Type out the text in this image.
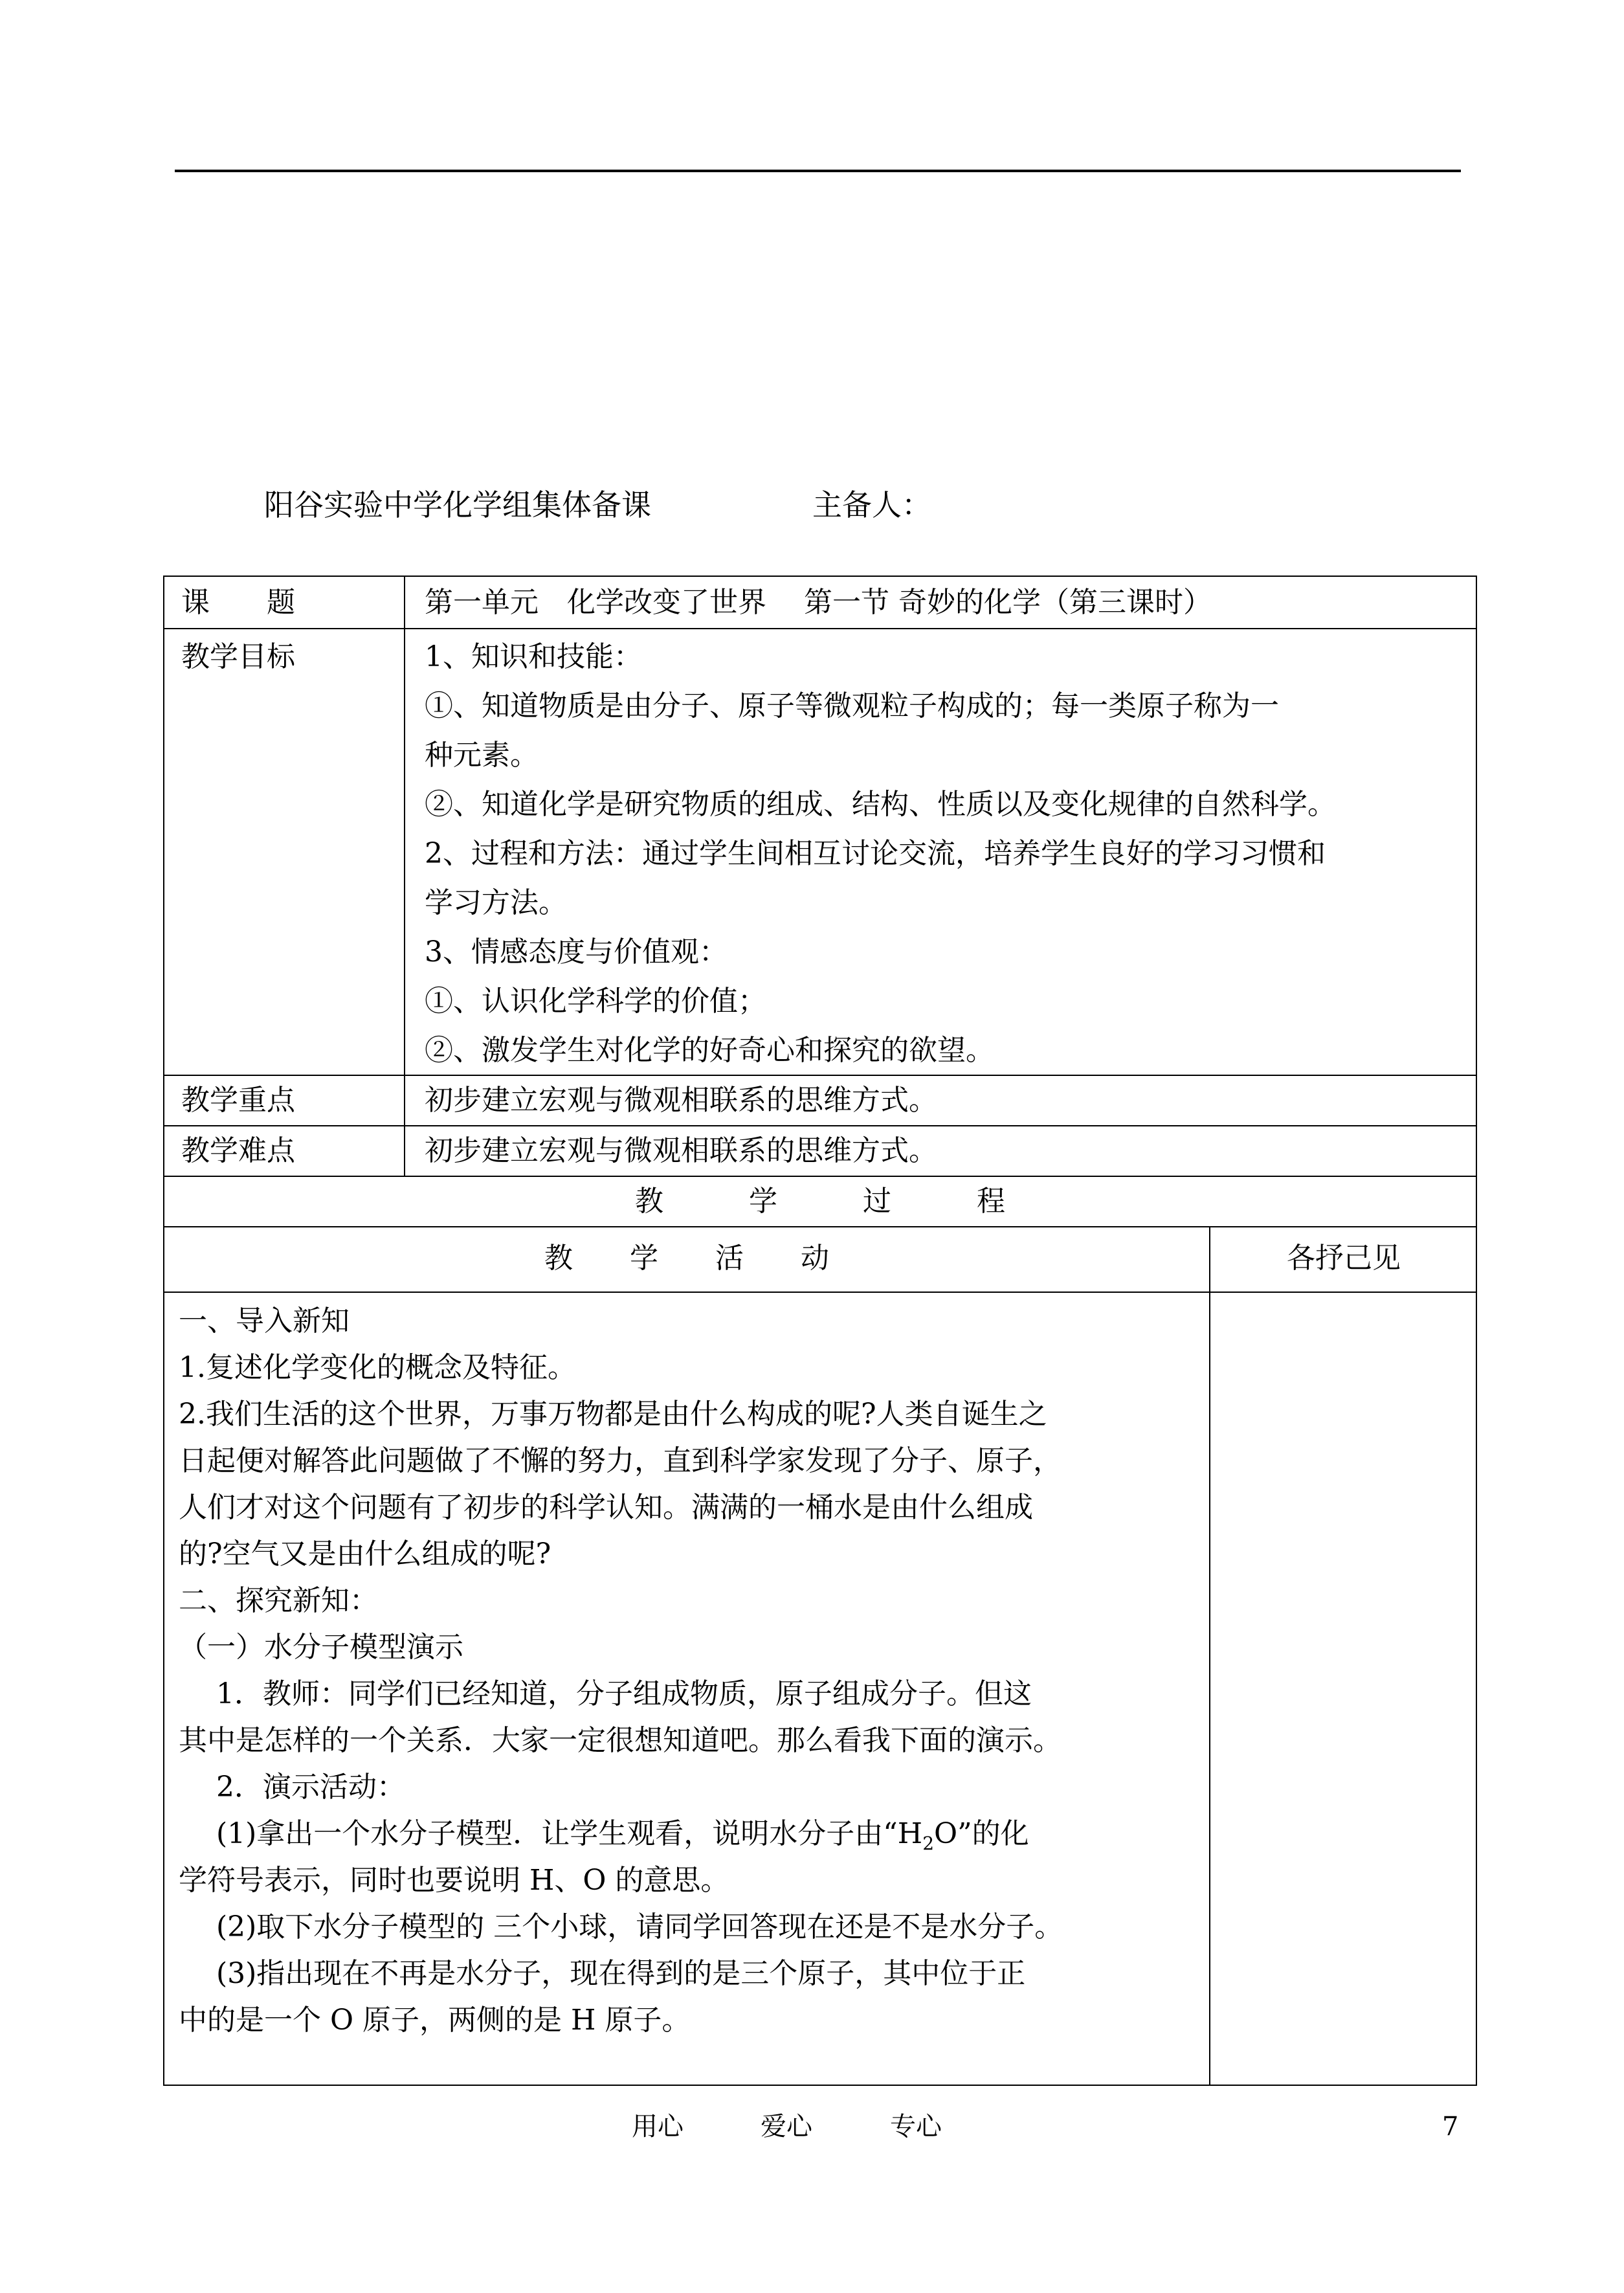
阳谷实验中学化学组集体备课	主备人：
课　　题	第一单元　化学改变了世界　 第一节 奇妙的化学（第三课时）
教学目标	1、知识和技能：
①、知道物质是由分子、原子等微观粒子构成的；每一类原子称为一
种元素。
②、知道化学是研究物质的组成、结构、性质以及变化规律的自然科学。
2、过程和方法：通过学生间相互讨论交流，培养学生良好的学习习惯和
学习方法。
3、情感态度与价值观：
①、认识化学科学的价值；
②、激发学生对化学的好奇心和探究的欲望。
教学重点	初步建立宏观与微观相联系的思维方式。
教学难点	初步建立宏观与微观相联系的思维方式。
教　　　学　　　过　　　程
教　　学　　活　　动	各抒己见
一、导入新知
1.复述化学变化的概念及特征。
2.我们生活的这个世界，万事万物都是由什么构成的呢?人类自诞生之
日起便对解答此问题做了不懈的努力，直到科学家发现了分子、原子，
人们才对这个问题有了初步的科学认知。满满的一桶水是由什么组成
的?空气又是由什么组成的呢?
二、探究新知：
（一）水分子模型演示
　 1．教师：同学们已经知道，分子组成物质，原子组成分子。但这
其中是怎样的一个关系．大家一定很想知道吧。那么看我下面的演示。
　 2．演示活动：
　 (1)拿出一个水分子模型．让学生观看，说明水分子由“$H_2O$”的化
学符号表示，同时也要说明 H、O 的意思。
　 (2)取下水分子模型的 三个小球，请同学回答现在还是不是水分子。
　 (3)指出现在不再是水分子，现在得到的是三个原子，其中位于正
中的是一个 O 原子，两侧的是 H 原子。
用心	爱心	专心	7
